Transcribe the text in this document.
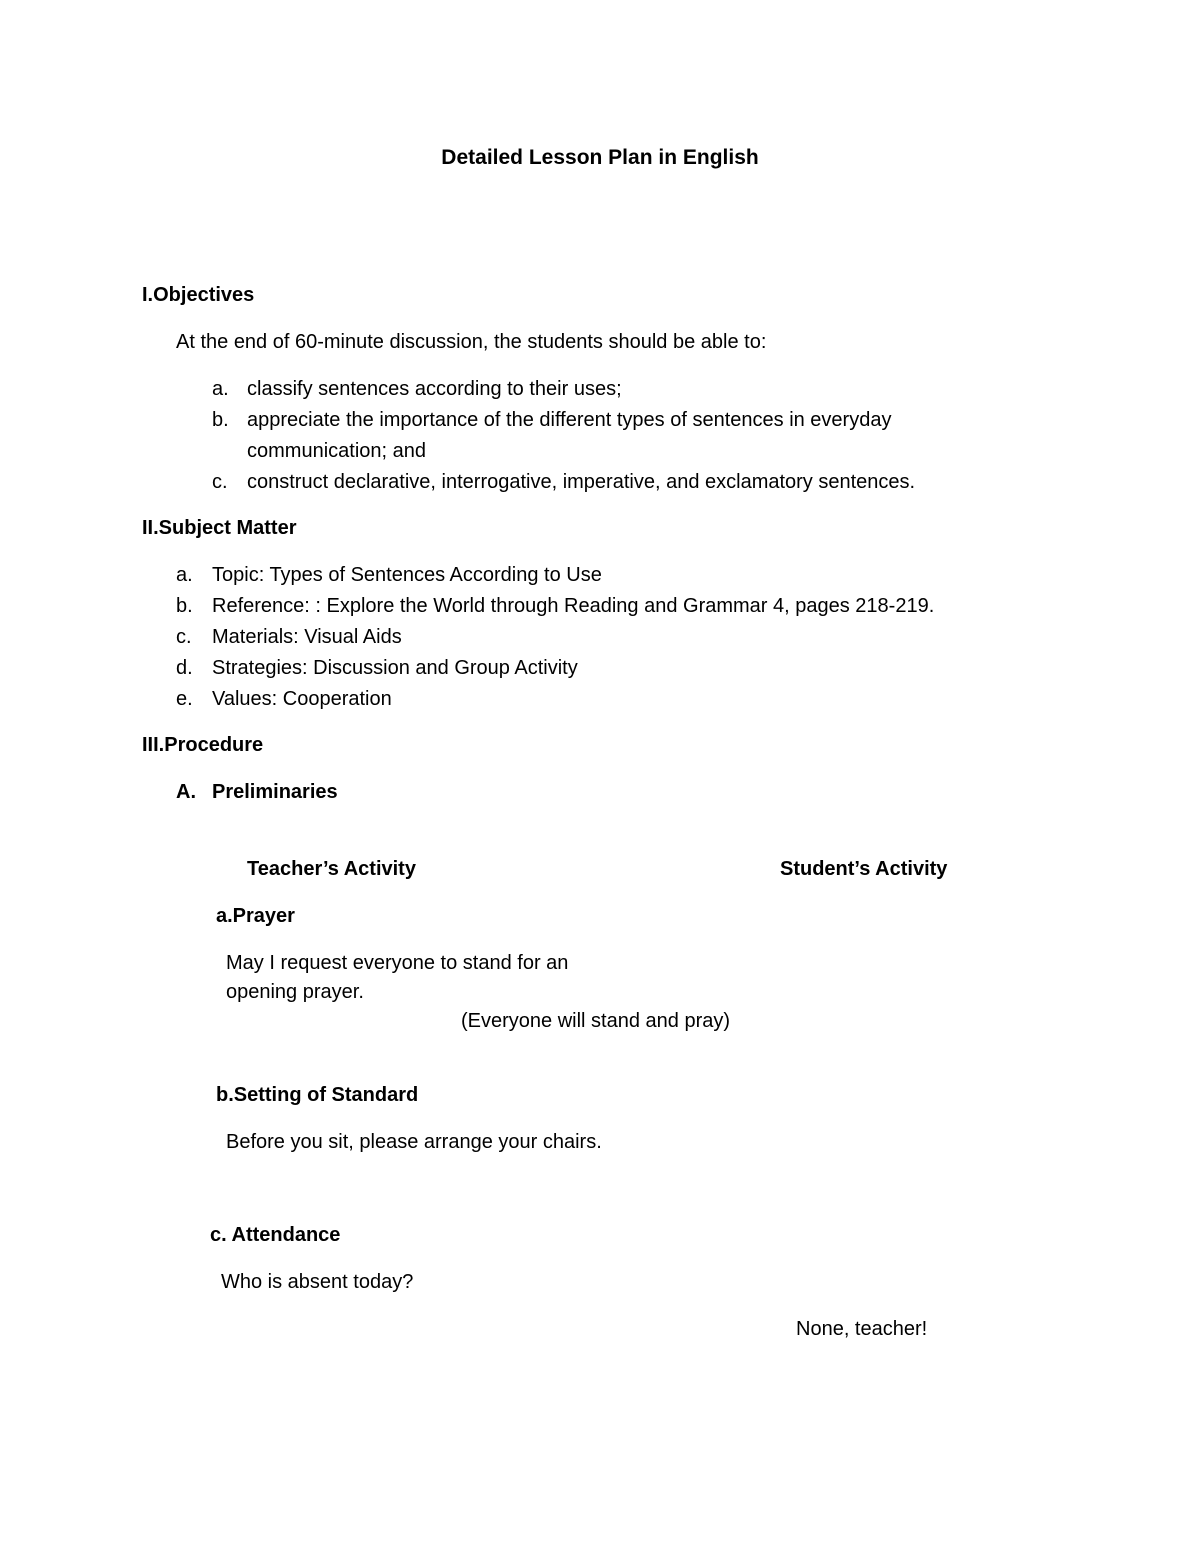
Detailed Lesson Plan in English
I.Objectives
At the end of 60-minute discussion, the students should be able to:
a. classify sentences according to their uses;
b. appreciate the importance of the different types of sentences in everyday
communication; and
c. construct declarative, interrogative, imperative, and exclamatory sentences.
II.Subject Matter
a. Topic: Types of Sentences According to Use
b. Reference: : Explore the World through Reading and Grammar 4, pages 218-219.
c. Materials: Visual Aids
d. Strategies: Discussion and Group Activity
e. Values: Cooperation
III.Procedure
A. Preliminaries
Teacher’s Activity	Student’s Activity
a.Prayer
May I request everyone to stand for an
opening prayer.
(Everyone will stand and pray)
b.Setting of Standard
Before you sit, please arrange your chairs.
c. Attendance
Who is absent today?
None, teacher!
